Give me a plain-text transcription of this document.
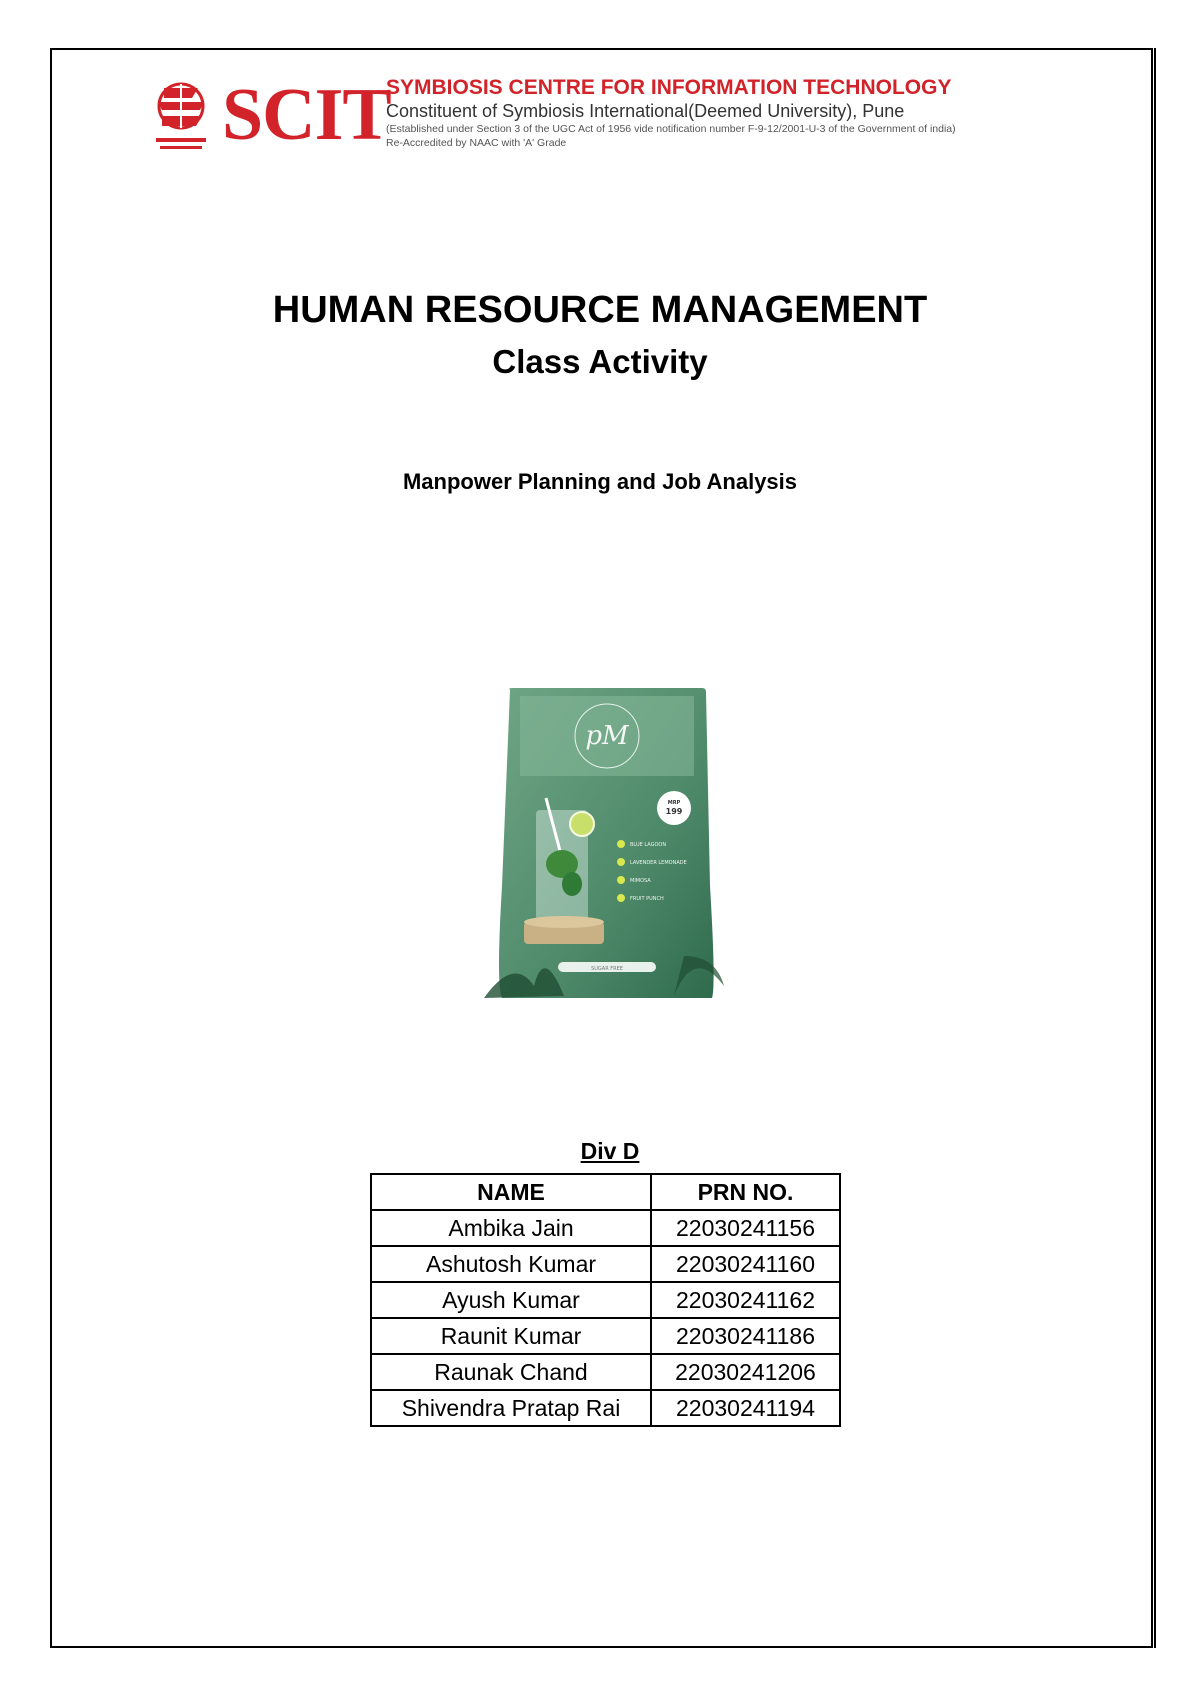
SCIT
SYMBIOSIS CENTRE FOR INFORMATION TECHNOLOGY
Constituent of Symbiosis International(Deemed University), Pune
(Established under Section 3 of the UGC Act of 1956 vide notification number F-9-12/2001-U-3 of the Government of india)
Re-Accredited by NAAC with 'A' Grade
HUMAN RESOURCE MANAGEMENT
Class Activity
Manpower Planning and Job Analysis
pM
MRP
199
BLUE LAGOON
LAVENDER LEMONADE
MIMOSA
FRUIT PUNCH
SUGAR FREE
Div D
NAME	PRN NO.
Ambika Jain	22030241156
Ashutosh Kumar	22030241160
Ayush Kumar	22030241162
Raunit Kumar	22030241186
Raunak Chand	22030241206
Shivendra Pratap Rai	22030241194
